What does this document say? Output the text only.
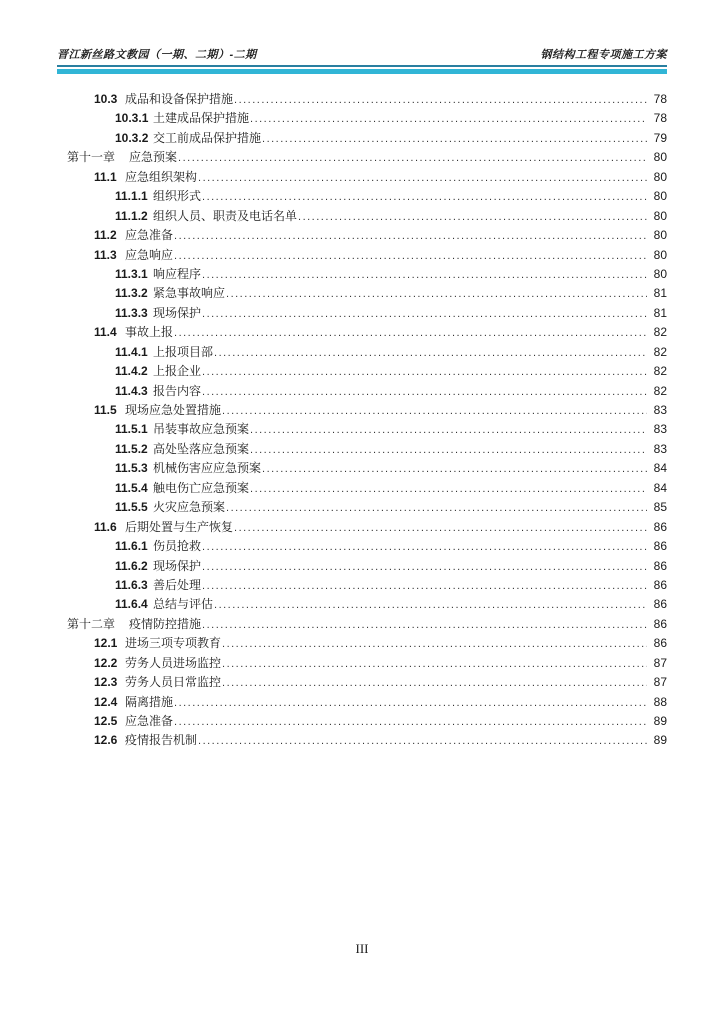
晋江新丝路文教园（一期、二期）-二期	钢结构工程专项施工方案
10.3 成品和设备保护措施 .....	78
10.3.1 土建成品保护措施 .....	78
10.3.2 交工前成品保护措施 .....	79
第十一章 应急预案 .....	80
11.1 应急组织架构 .....	80
11.1.1 组织形式 .....	80
11.1.2 组织人员、职责及电话名单 .....	80
11.2 应急准备 .....	80
11.3 应急响应 .....	80
11.3.1 响应程序 .....	80
11.3.2 紧急事故响应 .....	81
11.3.3 现场保护 .....	81
11.4 事故上报 .....	82
11.4.1 上报项目部 .....	82
11.4.2 上报企业 .....	82
11.4.3 报告内容 .....	82
11.5 现场应急处置措施 .....	83
11.5.1 吊装事故应急预案 .....	83
11.5.2 高处坠落应急预案 .....	83
11.5.3 机械伤害应应急预案 .....	84
11.5.4 触电伤亡应急预案 .....	84
11.5.5 火灾应急预案 .....	85
11.6 后期处置与生产恢复 .....	86
11.6.1 伤员抢救 .....	86
11.6.2 现场保护 .....	86
11.6.3 善后处理 .....	86
11.6.4 总结与评估 .....	86
第十二章 疫情防控措施 .....	86
12.1 进场三项专项教育 .....	86
12.2 劳务人员进场监控 .....	87
12.3 劳务人员日常监控 .....	87
12.4 隔离措施 .....	88
12.5 应急准备 .....	89
12.6 疫情报告机制 .....	89
III
